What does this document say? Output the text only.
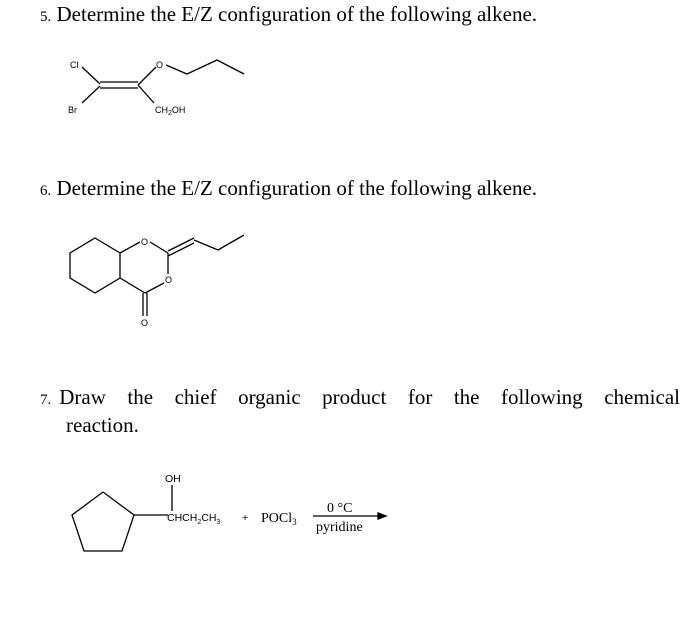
5. Determine the E/Z configuration of the following alkene.
Cl
Br
O
$CH_2OH$
O
O
O
OH
$CHCH_2CH_3$ + POCl$_3$
0 °C
pyridine
6. Determine the E/Z configuration of the following alkene.
7. Draw the chief organic product for the following chemical
reaction.
